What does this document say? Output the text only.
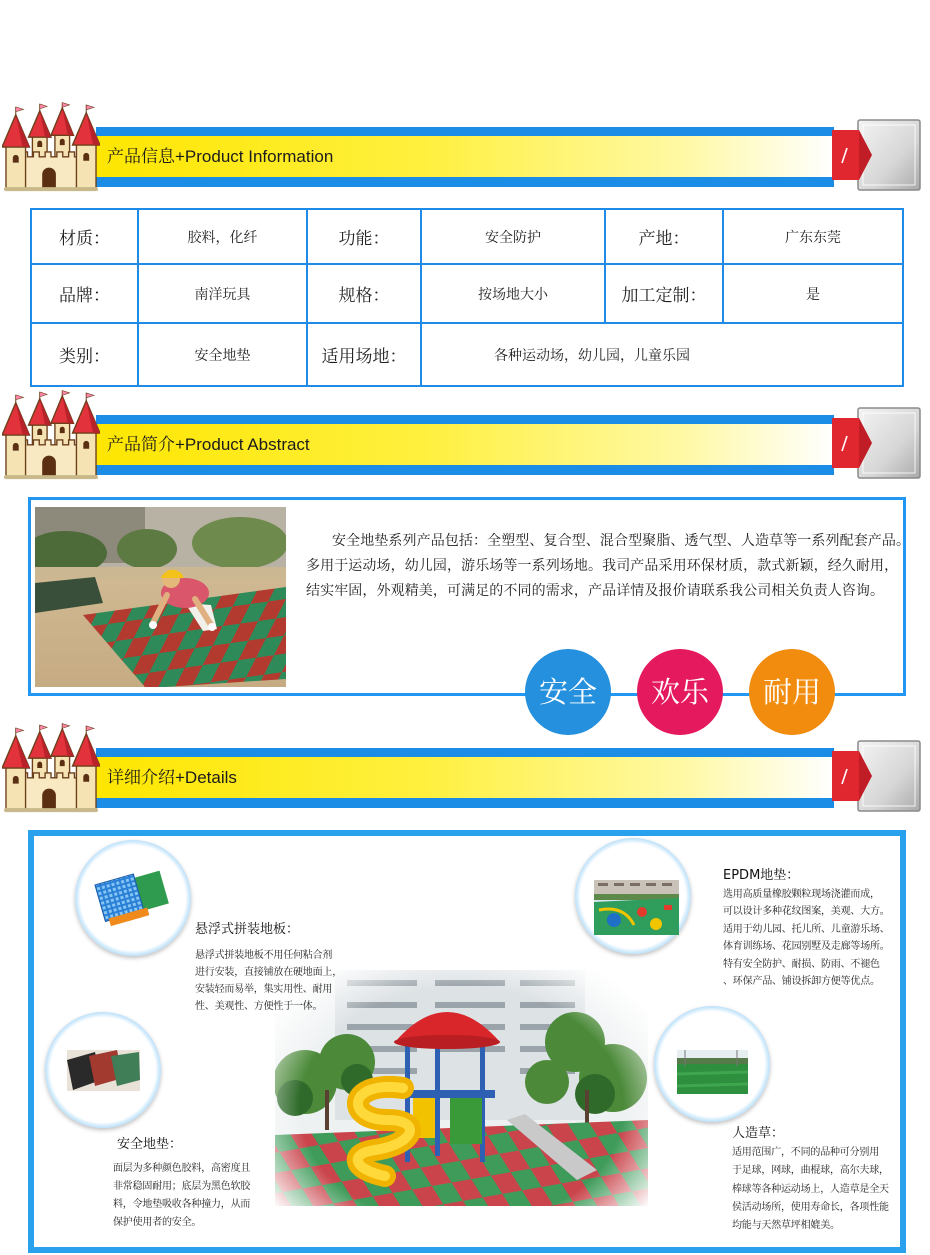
产品信息+Product Information
材质：	胶料，化纤	功能：	安全防护	产地：	广东东莞
品牌：	南洋玩具	规格：	按场地大小	加工定制：	是
类别：	安全地垫	适用场地：	各种运动场，幼儿园，儿童乐园		
产品简介+Product Abstract
安全地垫系列产品包括：全塑型、复合型、混合型聚脂、透气型、人造草等一系列配套产品。
多用于运动场，幼儿园，游乐场等一系列场地。我司产品采用环保材质，款式新颖，经久耐用，
结实牢固，外观精美，可满足的不同的需求，产品详情及报价请联系我公司相关负责人咨询。
安全	欢乐	耐用
详细介绍+Details
悬浮式拼装地板：
悬浮式拼装地板不用任何粘合剂
进行安装，直接铺放在硬地面上，
安装轻而易举，集实用性、耐用
性、美观性、方便性于一体。
安全地垫：
面层为多种颜色胶料，高密度且
非常稳固耐用；底层为黑色软胶
料，令地垫吸收各种撞力，从而
保护使用者的安全。
EPDM地垫：
选用高质量橡胶颗粒现场浇灌而成，
可以设计多种花纹图案，美观、大方。
适用于幼儿园、托儿所、儿童游乐场、
体育训练场、花园别墅及走廊等场所。
特有安全防护、耐损、防雨、不褪色
、环保产品、铺设拆卸方便等优点。
人造草：
适用范围广，不同的品种可分别用
于足球，网球，曲棍球，高尔夫球，
棒球等各种运动场上，人造草是全天
侯活动场所，使用寿命长，各项性能
均能与天然草坪相媲美。
